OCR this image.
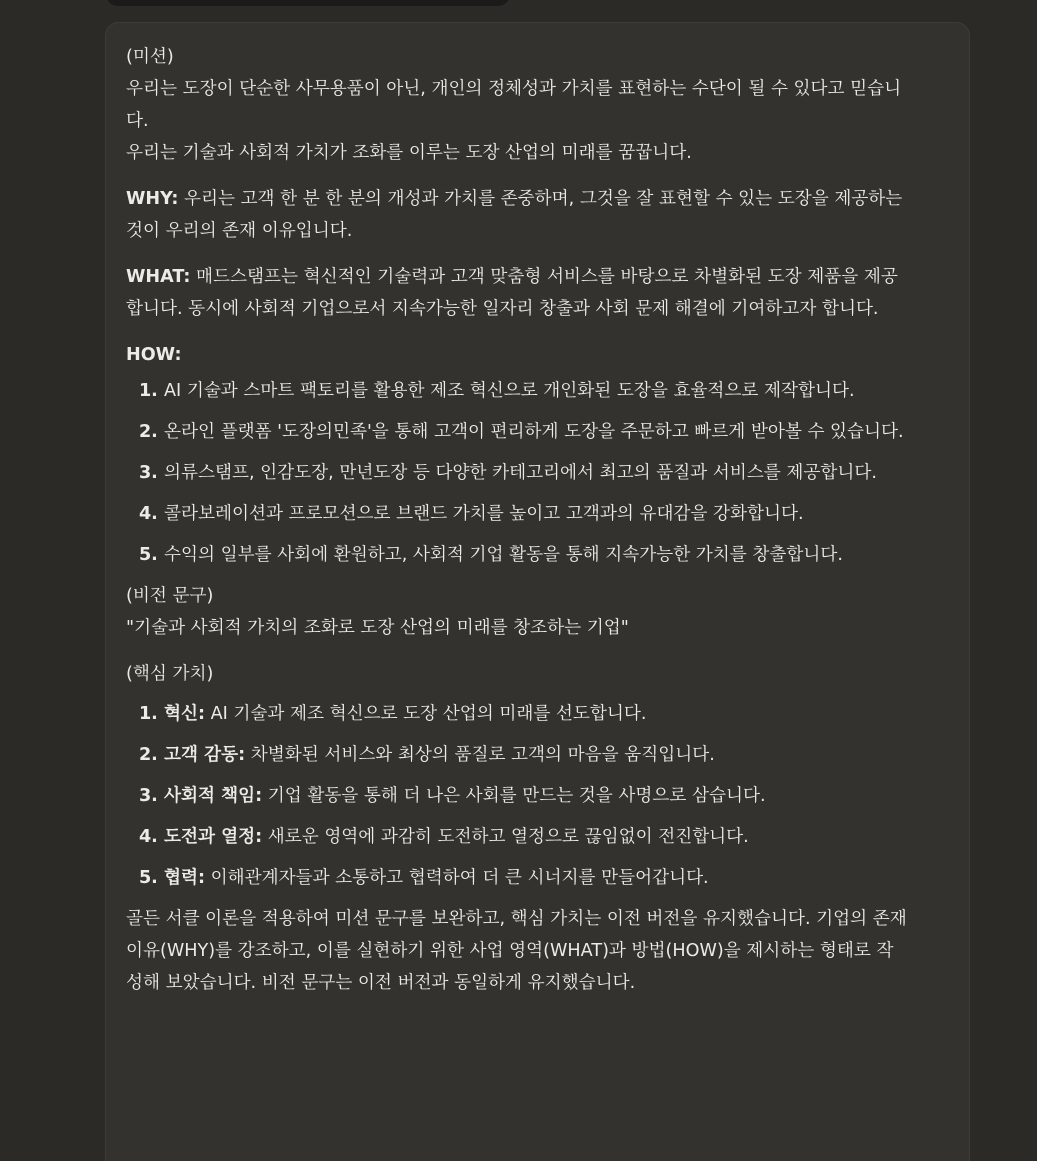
(미션)

우리는 도장이 단순한 사무용품이 아닌, 개인의 정체성과 가치를 표현하는 수단이 될 수 있다고 믿습니다.

우리는 기술과 사회적 가치가 조화를 이루는 도장 산업의 미래를 꿈꿉니다.

WHY: 우리는 고객 한 분 한 분의 개성과 가치를 존중하며, 그것을 잘 표현할 수 있는 도장을 제공하는 것이 우리의 존재 이유입니다.

WHAT: 매드스탬프는 혁신적인 기술력과 고객 맞춤형 서비스를 바탕으로 차별화된 도장 제품을 제공합니다. 동시에 사회적 기업으로서 지속가능한 일자리 창출과 사회 문제 해결에 기여하고자 합니다.

HOW:

1. AI 기술과 스마트 팩토리를 활용한 제조 혁신으로 개인화된 도장을 효율적으로 제작합니다.
2. 온라인 플랫폼 '도장의민족'을 통해 고객이 편리하게 도장을 주문하고 빠르게 받아볼 수 있습니다.
3. 의류스탬프, 인감도장, 만년도장 등 다양한 카테고리에서 최고의 품질과 서비스를 제공합니다.
4. 콜라보레이션과 프로모션으로 브랜드 가치를 높이고 고객과의 유대감을 강화합니다.
5. 수익의 일부를 사회에 환원하고, 사회적 기업 활동을 통해 지속가능한 가치를 창출합니다.

(비전 문구)

"기술과 사회적 가치의 조화로 도장 산업의 미래를 창조하는 기업"

(핵심 가치)

1. 혁신: AI 기술과 제조 혁신으로 도장 산업의 미래를 선도합니다.
2. 고객 감동: 차별화된 서비스와 최상의 품질로 고객의 마음을 움직입니다.
3. 사회적 책임: 기업 활동을 통해 더 나은 사회를 만드는 것을 사명으로 삼습니다.
4. 도전과 열정: 새로운 영역에 과감히 도전하고 열정으로 끊임없이 전진합니다.
5. 협력: 이해관계자들과 소통하고 협력하여 더 큰 시너지를 만들어갑니다.

골든 서클 이론을 적용하여 미션 문구를 보완하고, 핵심 가치는 이전 버전을 유지했습니다. 기업의 존재 이유(WHY)를 강조하고, 이를 실현하기 위한 사업 영역(WHAT)과 방법(HOW)을 제시하는 형태로 작성해 보았습니다. 비전 문구는 이전 버전과 동일하게 유지했습니다.
